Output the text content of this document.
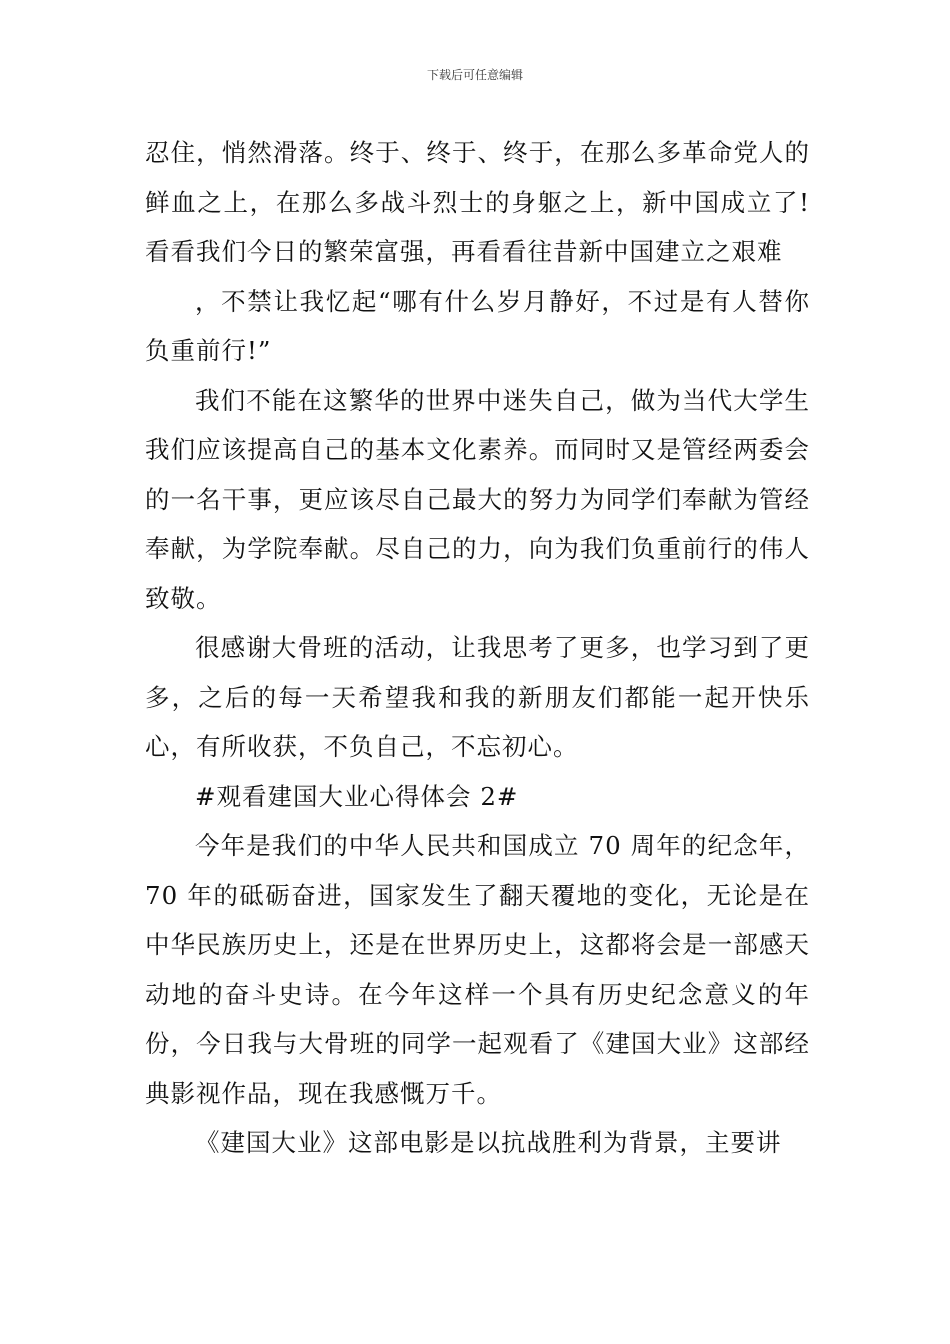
下载后可任意编辑

忍住，悄然滑落。终于、终于、终于，在那么多革命党人的鲜血之上，在那么多战斗烈士的身躯之上，新中国成立了!看看我们今日的繁荣富强，再看看往昔新中国建立之艰难

，不禁让我忆起“哪有什么岁月静好，不过是有人替你负重前行!”

我们不能在这繁华的世界中迷失自己，做为当代大学生我们应该提高自己的基本文化素养。而同时又是管经两委会的一名干事，更应该尽自己最大的努力为同学们奉献为管经奉献，为学院奉献。尽自己的力，向为我们负重前行的伟人致敬。

很感谢大骨班的活动，让我思考了更多，也学习到了更多，之后的每一天希望我和我的新朋友们都能一起开快乐心，有所收获，不负自己，不忘初心。

#观看建国大业心得体会 2#

今年是我们的中华人民共和国成立 70 周年的纪念年，70 年的砥砺奋进，国家发生了翻天覆地的变化，无论是在中华民族历史上，还是在世界历史上，这都将会是一部感天动地的奋斗史诗。在今年这样一个具有历史纪念意义的年份，今日我与大骨班的同学一起观看了《建国大业》这部经典影视作品，现在我感慨万千。

《建国大业》这部电影是以抗战胜利为背景，主要讲
